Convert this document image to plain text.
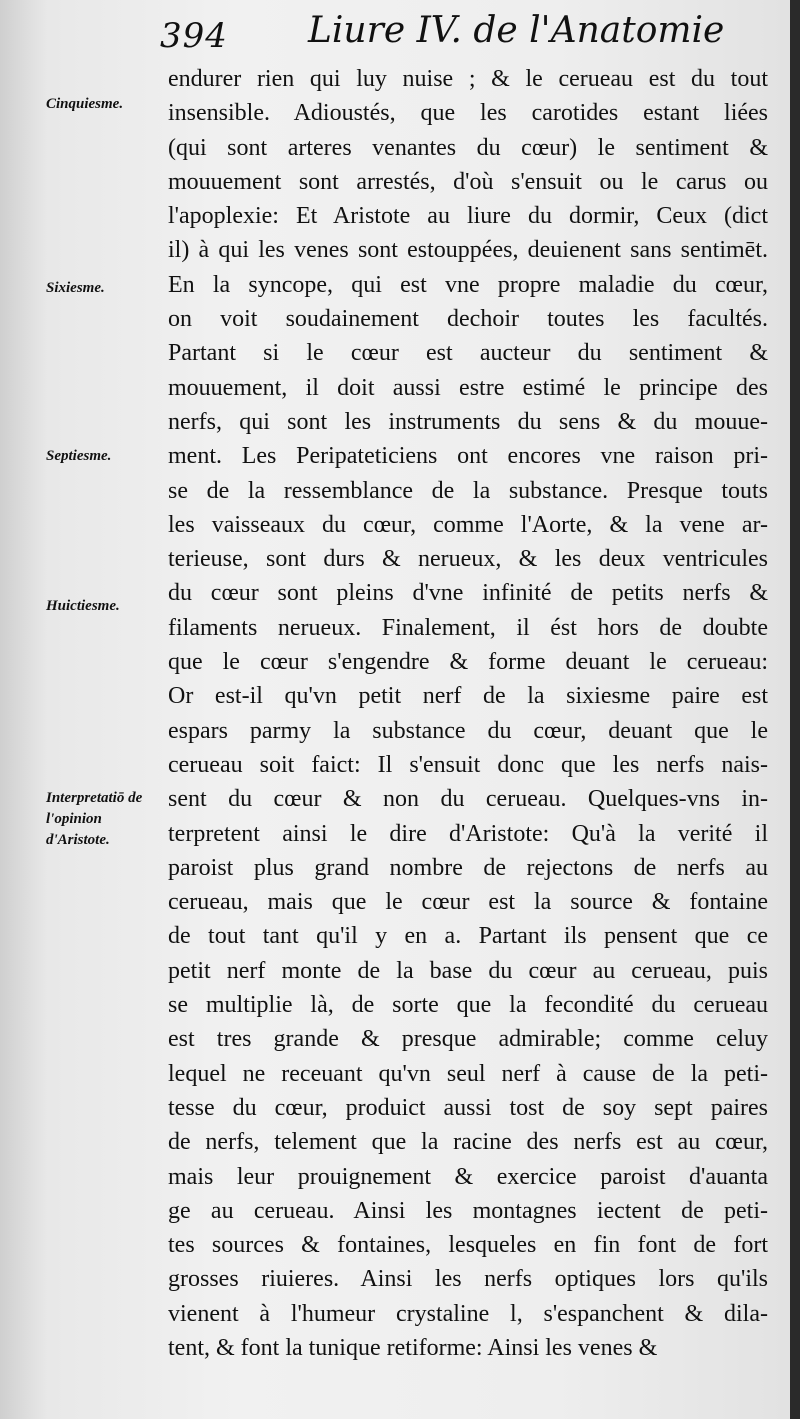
394 Liure IV. de l'Anatomie
Cinquiesme.
Sixiesme.
Septiesme.
Huictiesme.
Interpretatiō de l'opinion d'Aristote.
endurer rien qui luy nuise ; & le cerueau est du tout
insensible. Adioustés, que les carotides estant liées
(qui sont arteres venantes du cœur) le sentiment &
mouuement sont arrestés, d'où s'ensuit ou le carus ou
l'apoplexie: Et Aristote au liure du dormir, Ceux (dict
il) à qui les venes sont estouppées, deuienent sans sentimēt.
En la syncope, qui est vne propre maladie du cœur,
on voit soudainement dechoir toutes les facultés.
Partant si le cœur est aucteur du sentiment &
mouuement, il doit aussi estre estimé le principe des
nerfs, qui sont les instruments du sens & du mouue-
ment. Les Peripateticiens ont encores vne raison pri-
se de la ressemblance de la substance. Presque touts
les vaisseaux du cœur, comme l'Aorte, & la vene ar-
terieuse, sont durs & nerueux, & les deux ventricules
du cœur sont pleins d'vne infinité de petits nerfs &
filaments nerueux. Finalement, il ést hors de doubte
que le cœur s'engendre & forme deuant le cerueau:
Or est-il qu'vn petit nerf de la sixiesme paire est
espars parmy la substance du cœur, deuant que le
cerueau soit faict: Il s'ensuit donc que les nerfs nais-
sent du cœur & non du cerueau. Quelques-vns in-
terpretent ainsi le dire d'Aristote: Qu'à la verité il
paroist plus grand nombre de rejectons de nerfs au
cerueau, mais que le cœur est la source & fontaine
de tout tant qu'il y en a. Partant ils pensent que ce
petit nerf monte de la base du cœur au cerueau, puis
se multiplie là, de sorte que la fecondité du cerueau
est tres grande & presque admirable; comme celuy
lequel ne receuant qu'vn seul nerf à cause de la peti-
tesse du cœur, produict aussi tost de soy sept paires
de nerfs, telement que la racine des nerfs est au cœur,
mais leur prouignement & exercice paroist d'auanta
ge au cerueau. Ainsi les montagnes iectent de peti-
tes sources & fontaines, lesqueles en fin font de fort
grosses riuieres. Ainsi les nerfs optiques lors qu'ils
vienent à l'humeur crystaline l, s'espanchent & dila-
tent, & font la tunique retiforme: Ainsi les venes &
